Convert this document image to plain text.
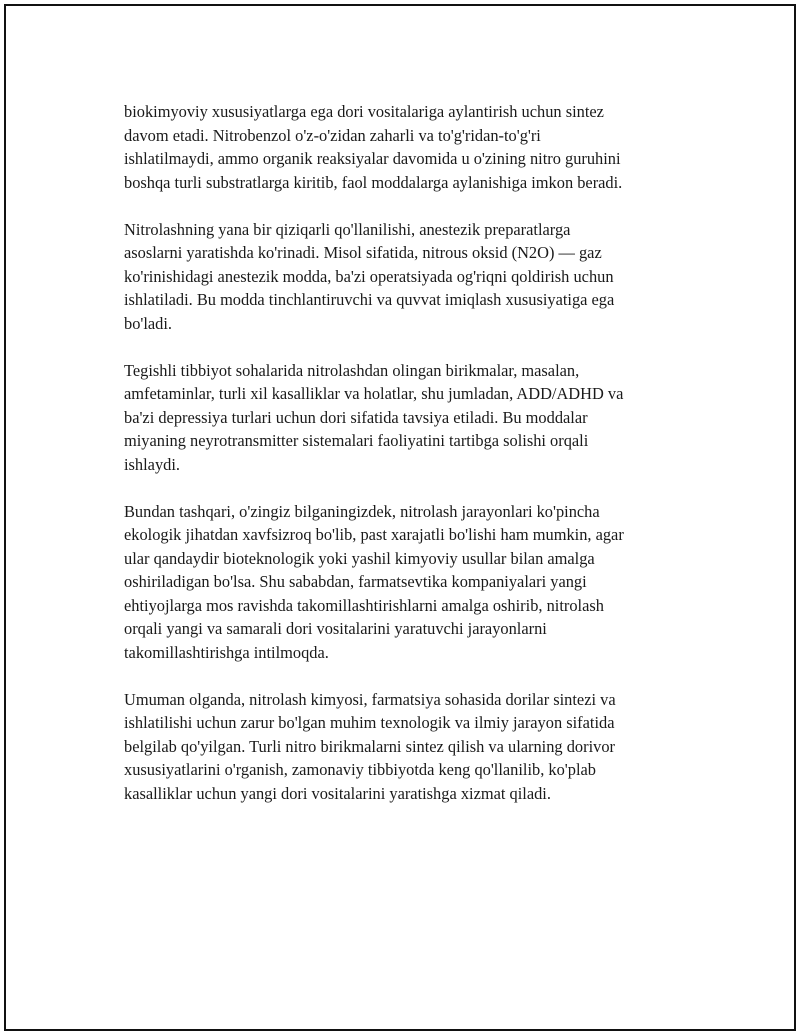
biokimyoviy xususiyatlarga ega dori vositalariga aylantirish uchun sintez
davom etadi. Nitrobenzol o'z-o'zidan zaharli va to'g'ridan-to'g'ri
ishlatilmaydi, ammo organik reaksiyalar davomida u o'zining nitro guruhini
boshqa turli substratlarga kiritib, faol moddalarga aylanishiga imkon beradi.

Nitrolashning yana bir qiziqarli qo'llanilishi, anestezik preparatlarga
asoslarni yaratishda ko'rinadi. Misol sifatida, nitrous oksid (N2O) — gaz
ko'rinishidagi anestezik modda, ba'zi operatsiyada og'riqni qoldirish uchun
ishlatiladi. Bu modda tinchlantiruvchi va quvvat imiqlash xususiyatiga ega
bo'ladi.

Tegishli tibbiyot sohalarida nitrolashdan olingan birikmalar, masalan,
amfetaminlar, turli xil kasalliklar va holatlar, shu jumladan, ADD/ADHD va
ba'zi depressiya turlari uchun dori sifatida tavsiya etiladi. Bu moddalar
miyaning neyrotransmitter sistemalari faoliyatini tartibga solishi orqali
ishlaydi.

Bundan tashqari, o'zingiz bilganingizdek, nitrolash jarayonlari ko'pincha
ekologik jihatdan xavfsizroq bo'lib, past xarajatli bo'lishi ham mumkin, agar
ular qandaydir bioteknologik yoki yashil kimyoviy usullar bilan amalga
oshiriladigan bo'lsa. Shu sababdan, farmatsevtika kompaniyalari yangi
ehtiyojlarga mos ravishda takomillashtirishlarni amalga oshirib, nitrolash
orqali yangi va samarali dori vositalarini yaratuvchi jarayonlarni
takomillashtirishga intilmoqda.

Umuman olganda, nitrolash kimyosi, farmatsiya sohasida dorilar sintezi va
ishlatilishi uchun zarur bo'lgan muhim texnologik va ilmiy jarayon sifatida
belgilab qo'yilgan. Turli nitro birikmalarni sintez qilish va ularning dorivor
xususiyatlarini o'rganish, zamonaviy tibbiyotda keng qo'llanilib, ko'plab
kasalliklar uchun yangi dori vositalarini yaratishga xizmat qiladi.
